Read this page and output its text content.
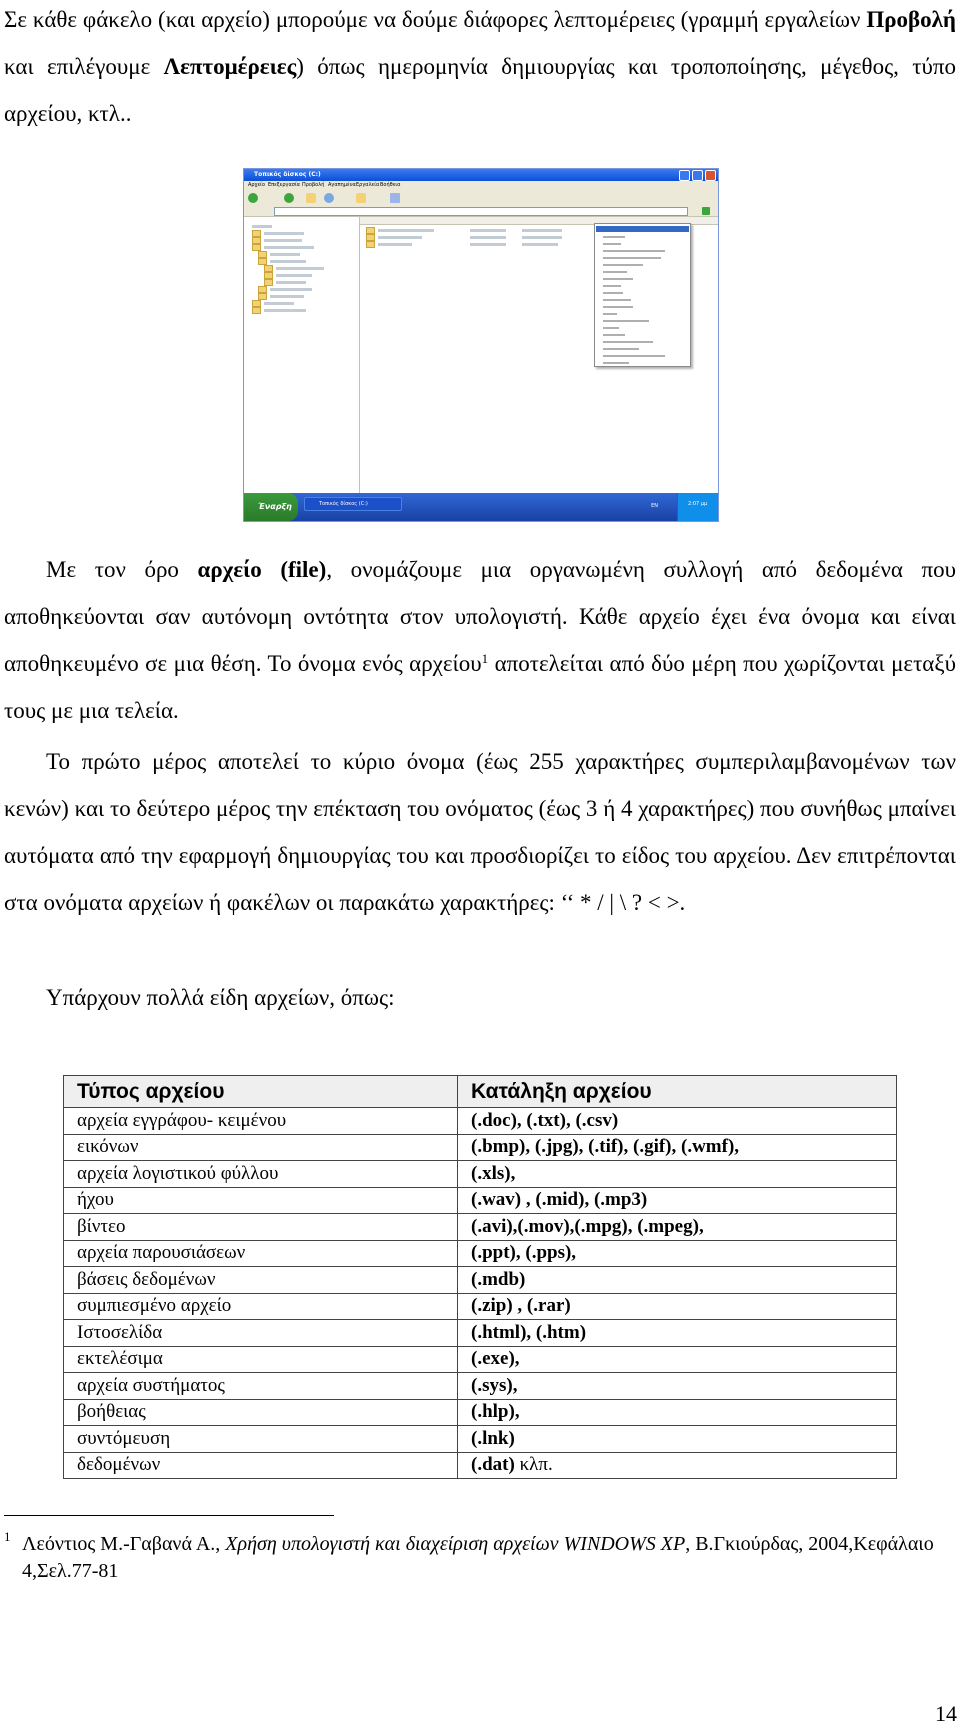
Σε κάθε φάκελο (και αρχείο) μπορούμε να δούμε διάφορες λεπτομέρειες (γραμμή εργαλείων Προβολή και επιλέγουμε Λεπτομέρειες) όπως ημερομηνία δημιουργίας και τροποποίησης, μέγεθος, τύπο αρχείου, κτλ..

Τοπικός δίσκος (C:)
Αρχείο Επεξεργασία Προβολή Αγαπημένα Εργαλεία Βοήθεια
Έναρξη	Τοπικός δίσκος (C:)	EN	2:07 μμ

Με τον όρο αρχείο (file), ονομάζουμε μια οργανωμένη συλλογή από δεδομένα που αποθηκεύονται σαν αυτόνομη οντότητα στον υπολογιστή. Κάθε αρχείο έχει ένα όνομα και είναι αποθηκευμένο σε μια θέση. Το όνομα ενός αρχείου$^1$ αποτελείται από δύο μέρη που χωρίζονται μεταξύ τους με μια τελεία.

Το πρώτο μέρος αποτελεί το κύριο όνομα (έως 255 χαρακτήρες συμπεριλαμβανομένων των κενών) και το δεύτερο μέρος την επέκταση του ονόματος (έως 3 ή 4 χαρακτήρες) που συνήθως μπαίνει αυτόματα από την εφαρμογή δημιουργίας του και προσδιορίζει το είδος του αρχείου. Δεν επιτρέπονται στα ονόματα αρχείων ή φακέλων οι παρακάτω χαρακτήρες: ‘‘ * / | \ ? < >.

Υπάρχουν πολλά είδη αρχείων, όπως:

Τύπος αρχείου	Κατάληξη αρχείου
αρχεία εγγράφου- κειμένου	(.doc), (.txt), (.csv)
εικόνων	(.bmp), (.jpg), (.tif), (.gif), (.wmf),
αρχεία λογιστικού φύλλου	(.xls),
ήχου	(.wav) , (.mid), (.mp3)
βίντεο	(.avi),(.mov),(.mpg), (.mpeg),
αρχεία παρουσιάσεων	(.ppt), (.pps),
βάσεις δεδομένων	(.mdb)
συμπιεσμένο αρχείο	(.zip) , (.rar)
Ιστοσελίδα	(.html), (.htm)
εκτελέσιμα	(.exe),
αρχεία συστήματος	(.sys),
βοήθειας	(.hlp),
συντόμευση	(.lnk)
δεδομένων	(.dat) κλπ.
$^1$ Λεόντιος Μ.-Γαβανά Α., Χρήση υπολογιστή και διαχείριση αρχείων WINDOWS XP, Β.Γκιούρδας, 2004,Κεφάλαιο 4,Σελ.77-81
14
